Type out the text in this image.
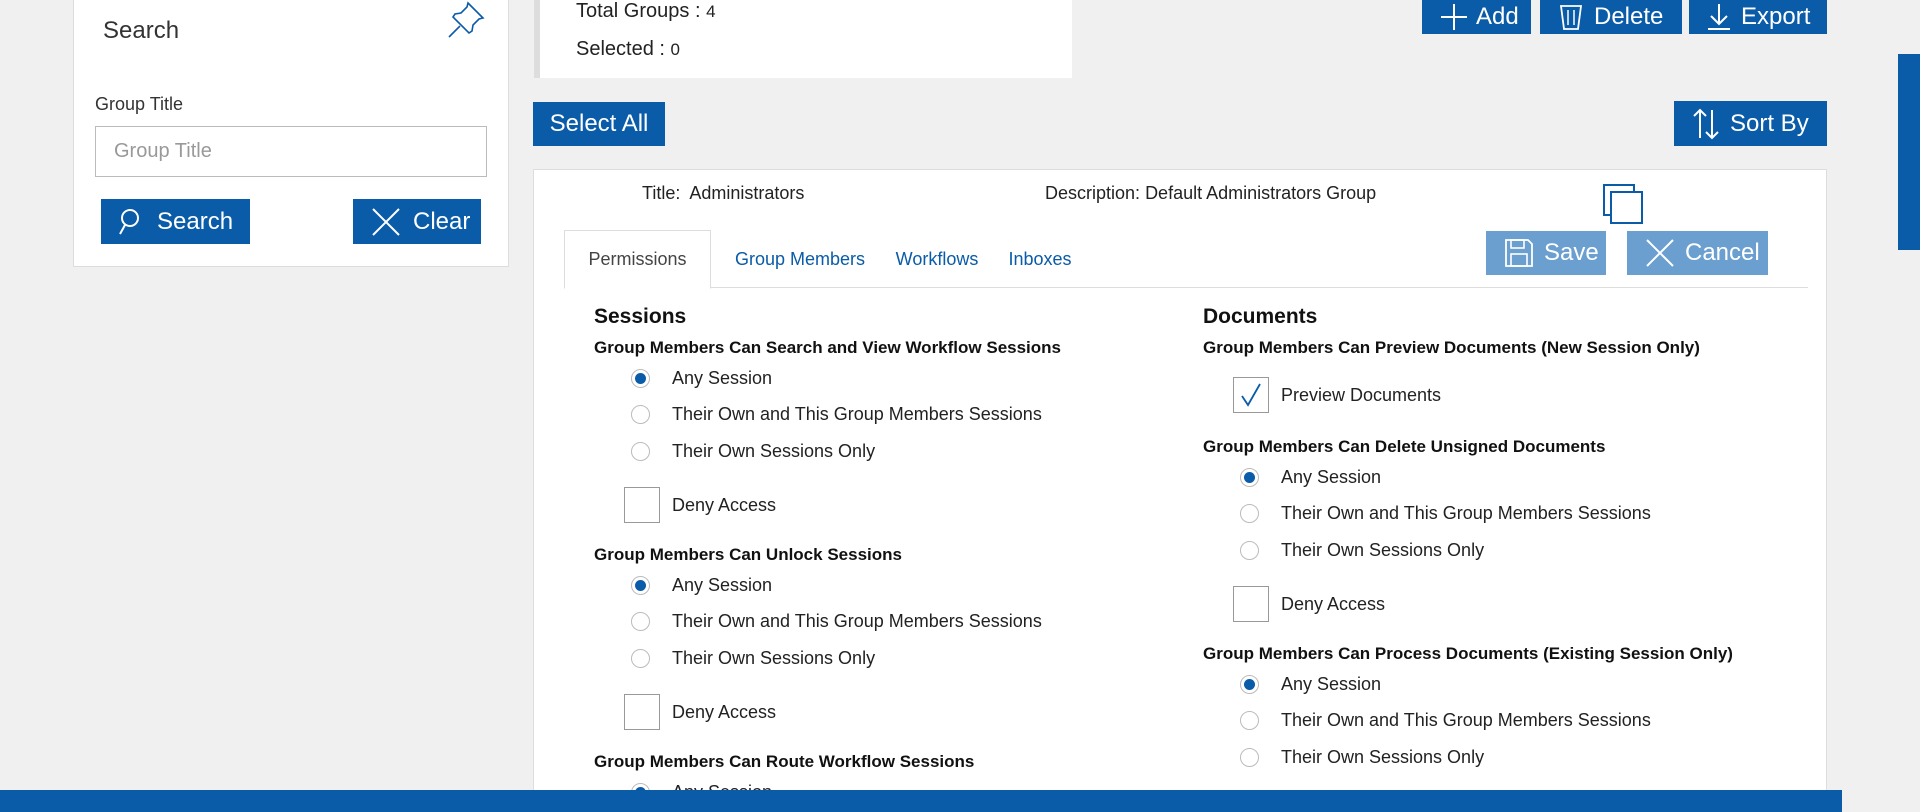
Search
Group Title
Group Title
Search	Clear
Total Groups : 4
Selected : 0
Add	Delete	Export
Select All	Sort By
Title: Administrators	Description: Default Administrators Group
Permissions	Group Members Workflows Inboxes	Save	Cancel
Sessions
Group Members Can Search and View Workflow Sessions
Any Session
Their Own and This Group Members Sessions
Their Own Sessions Only
Deny Access
Group Members Can Unlock Sessions
Any Session
Their Own and This Group Members Sessions
Their Own Sessions Only
Deny Access
Group Members Can Route Workflow Sessions
Documents
Group Members Can Preview Documents (New Session Only)
Preview Documents
Group Members Can Delete Unsigned Documents
Any Session
Their Own and This Group Members Sessions
Their Own Sessions Only
Deny Access
Group Members Can Process Documents (Existing Session Only)
Any Session
Their Own and This Group Members Sessions
Their Own Sessions Only
